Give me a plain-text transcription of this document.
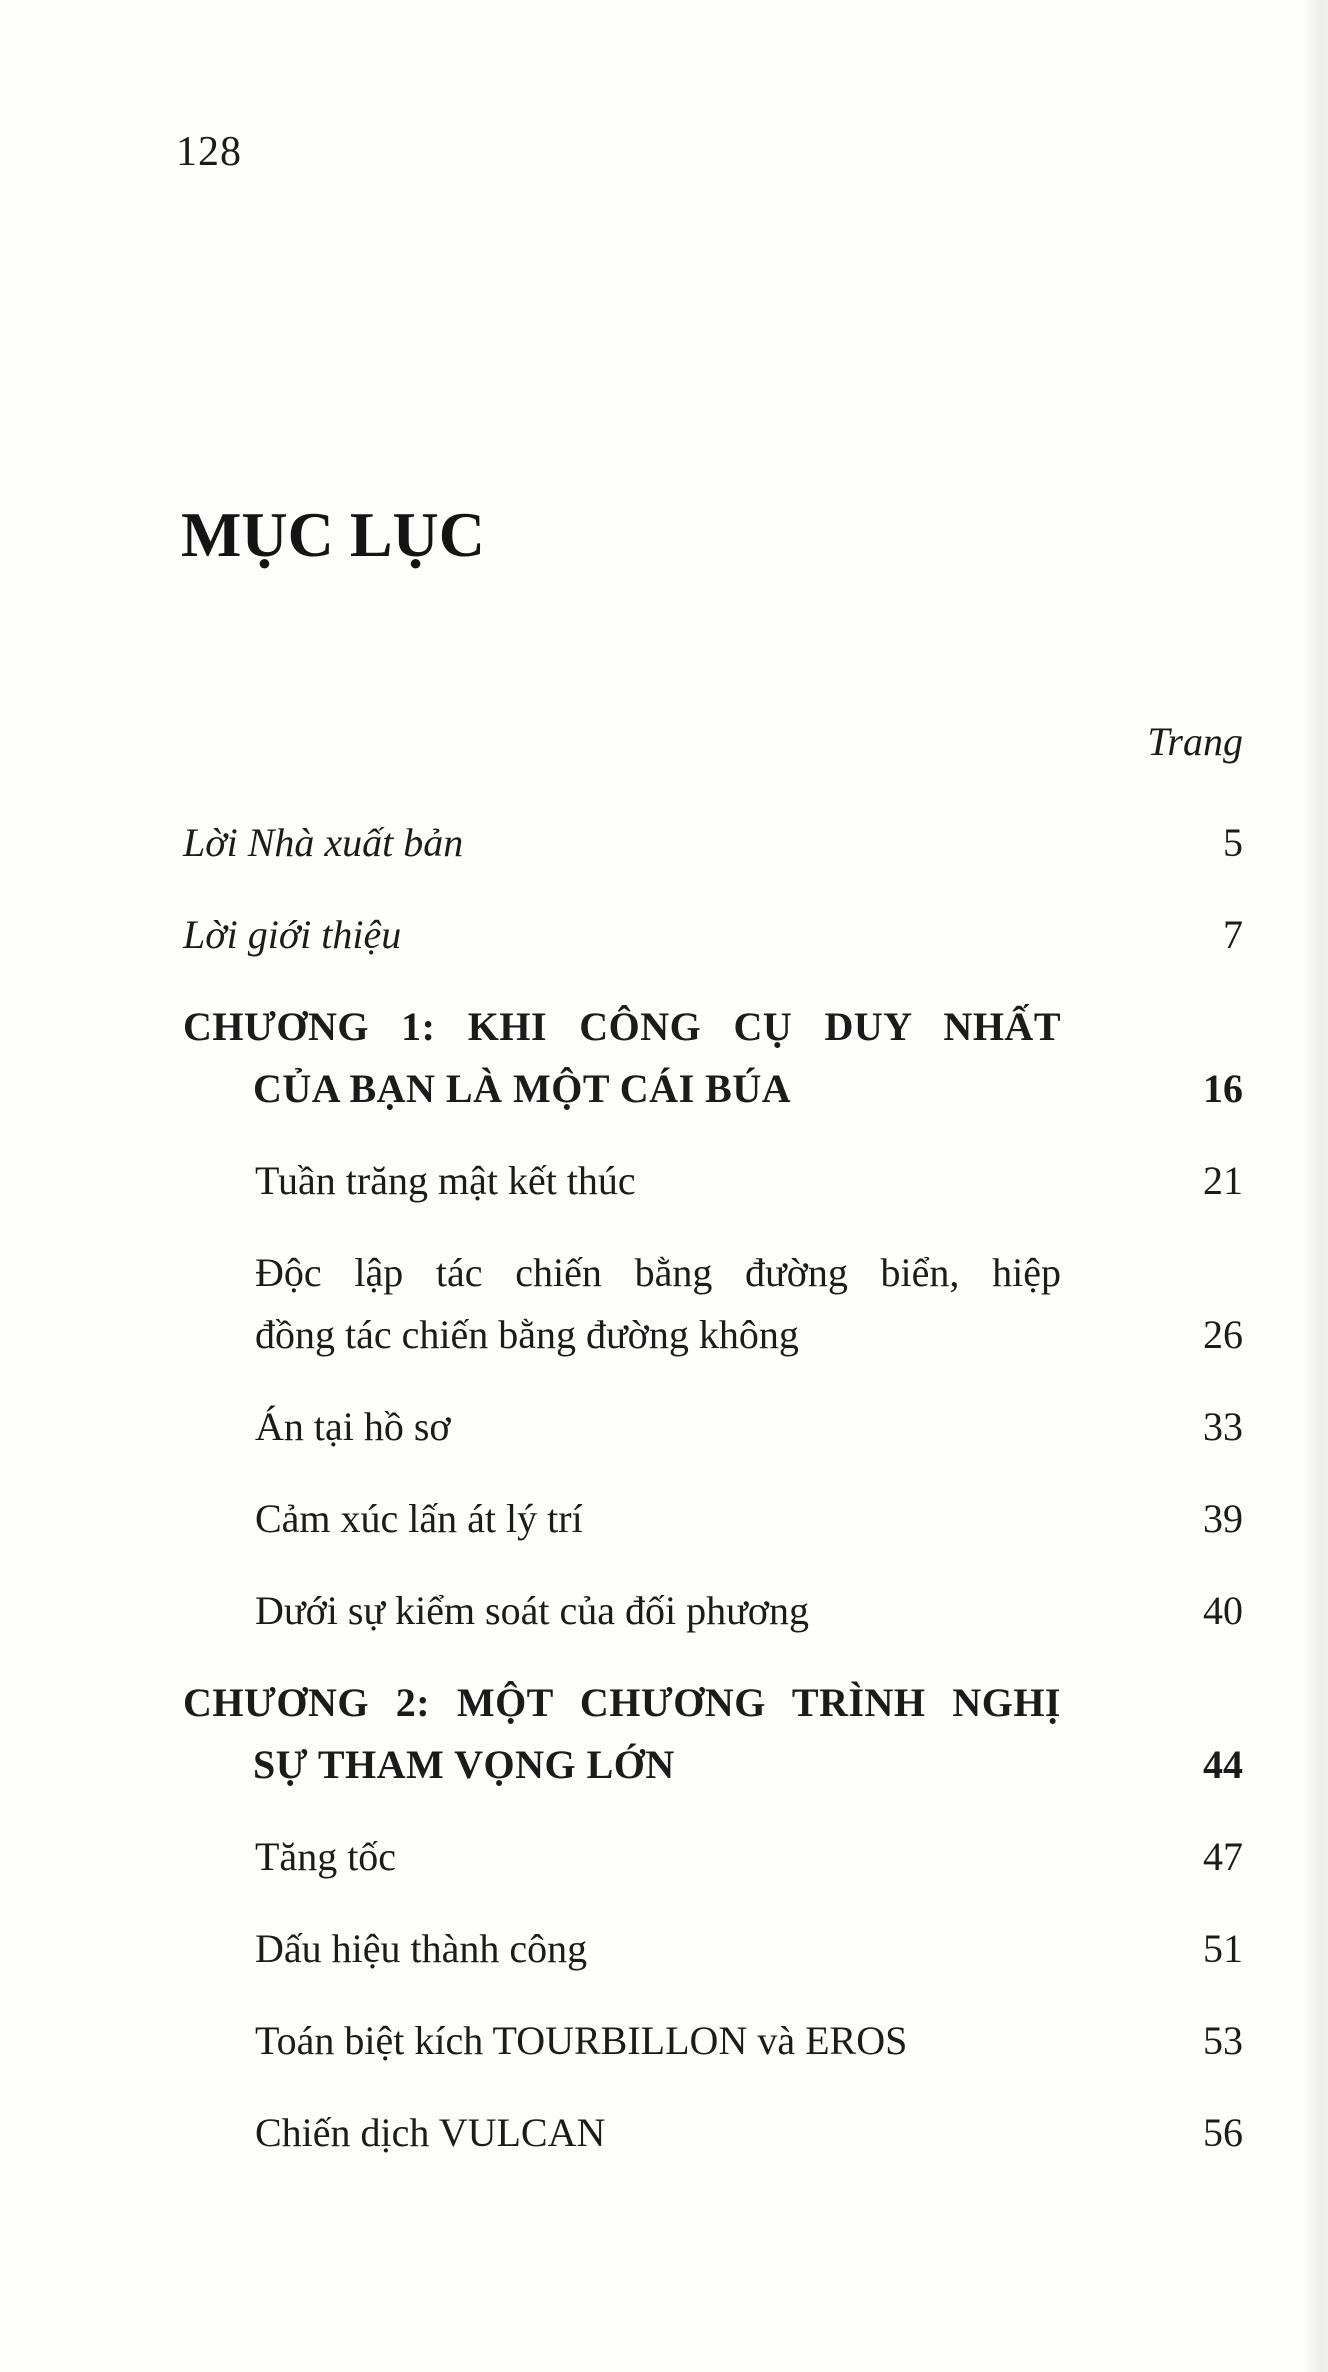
128
MỤC LỤC
Trang
Lời Nhà xuất bản	5
Lời giới thiệu	7
CHƯƠNG 1: KHI CÔNG CỤ DUY NHẤT
CỦA BẠN LÀ MỘT CÁI BÚA	16
Tuần trăng mật kết thúc	21
Độc lập tác chiến bằng đường biển, hiệp
đồng tác chiến bằng đường không	26
Án tại hồ sơ	33
Cảm xúc lấn át lý trí	39
Dưới sự kiểm soát của đối phương	40
CHƯƠNG 2: MỘT CHƯƠNG TRÌNH NGHỊ
SỰ THAM VỌNG LỚN	44
Tăng tốc	47
Dấu hiệu thành công	51
Toán biệt kích TOURBILLON và EROS	53
Chiến dịch VULCAN	56
